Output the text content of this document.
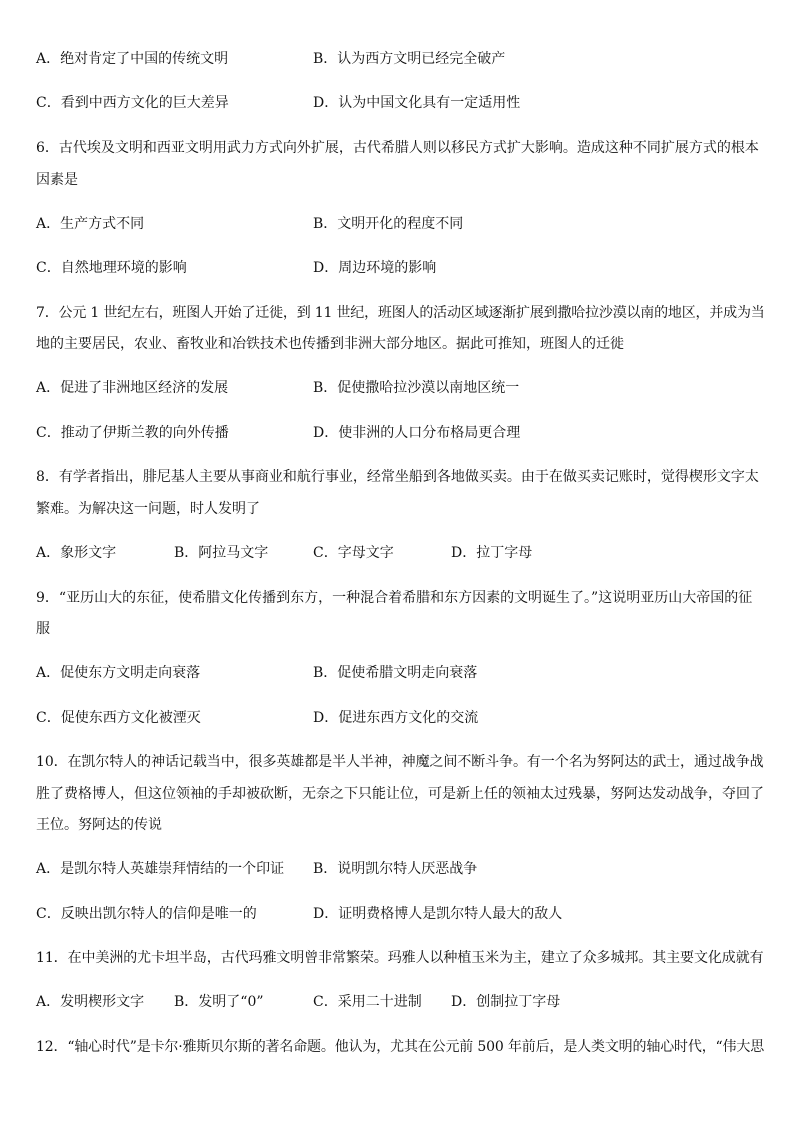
A．绝对肯定了中国的传统文明	B．认为西方文明已经完全破产
C．看到中西方文化的巨大差异	D．认为中国文化具有一定适用性
6．古代埃及文明和西亚文明用武力方式向外扩展，古代希腊人则以移民方式扩大影响。造成这种不同扩展方式的根本
因素是
A．生产方式不同	B．文明开化的程度不同
C．自然地理环境的影响	D．周边环境的影响
7．公元 1 世纪左右，班图人开始了迁徙，到 11 世纪，班图人的活动区域逐渐扩展到撒哈拉沙漠以南的地区，并成为当
地的主要居民，农业、畜牧业和冶铁技术也传播到非洲大部分地区。据此可推知，班图人的迁徙
A．促进了非洲地区经济的发展	B．促使撒哈拉沙漠以南地区统一
C．推动了伊斯兰教的向外传播	D．使非洲的人口分布格局更合理
8．有学者指出，腓尼基人主要从事商业和航行事业，经常坐船到各地做买卖。由于在做买卖记账时，觉得楔形文字太
繁难。为解决这一问题，时人发明了
A．象形文字	B．阿拉马文字	C．字母文字	D．拉丁字母
9．“亚历山大的东征，使希腊文化传播到东方，一种混合着希腊和东方因素的文明诞生了。”这说明亚历山大帝国的征
服
A．促使东方文明走向衰落	B．促使希腊文明走向衰落
C．促使东西方文化被湮灭	D．促进东西方文化的交流
10．在凯尔特人的神话记载当中，很多英雄都是半人半神，神魔之间不断斗争。有一个名为努阿达的武士，通过战争战
胜了费格博人，但这位领袖的手却被砍断，无奈之下只能让位，可是新上任的领袖太过残暴，努阿达发动战争，夺回了
王位。努阿达的传说
A．是凯尔特人英雄崇拜情结的一个印证 B．说明凯尔特人厌恶战争
C．反映出凯尔特人的信仰是唯一的	D．证明费格博人是凯尔特人最大的敌人
11．在中美洲的尤卡坦半岛，古代玛雅文明曾非常繁荣。玛雅人以种植玉米为主，建立了众多城邦。其主要文化成就有
A．发明楔形文字 B．发明了“0”	C．采用二十进制 D．创制拉丁字母
12．“轴心时代”是卡尔·雅斯贝尔斯的著名命题。他认为，尤其在公元前 500 年前后，是人类文明的轴心时代，“伟大思
